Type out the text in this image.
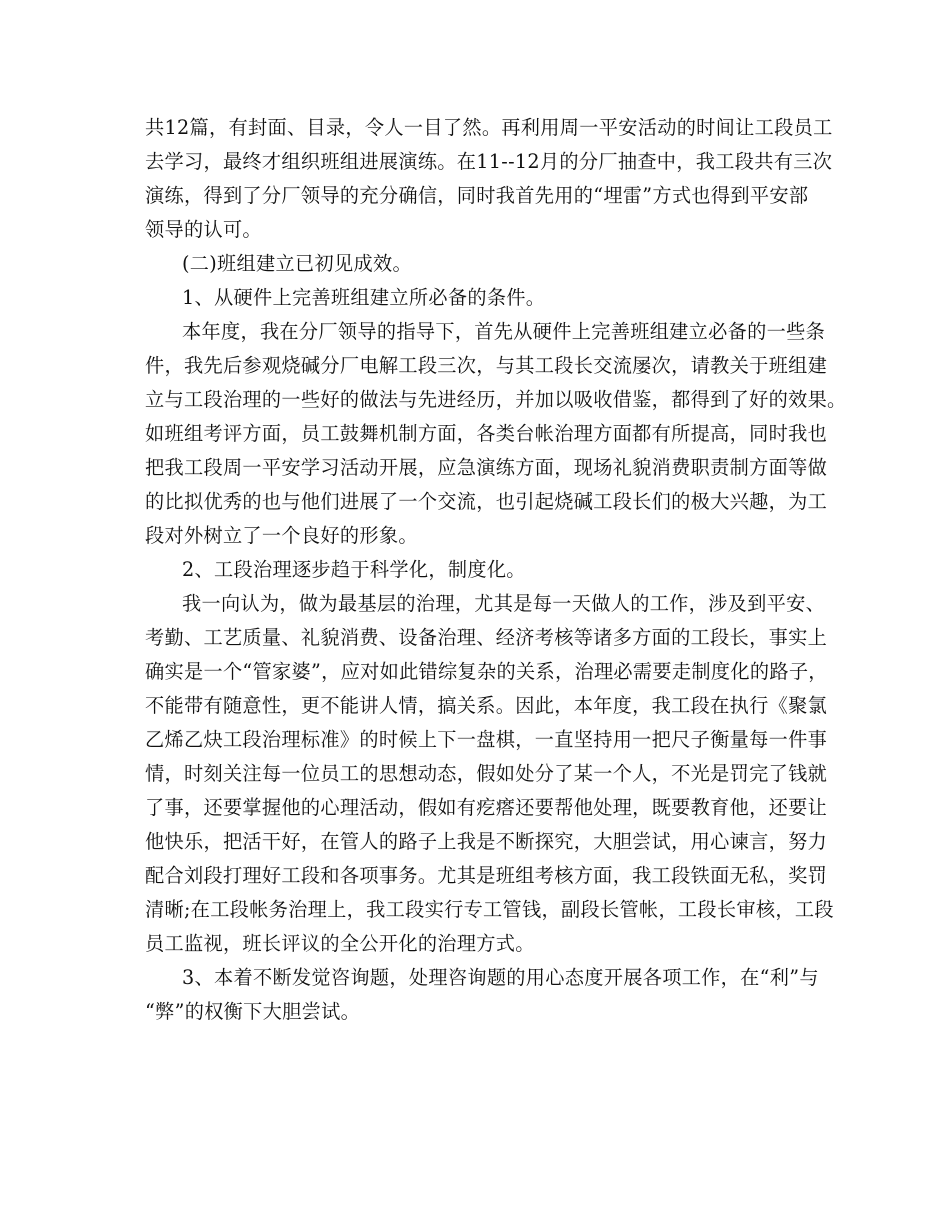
共12篇，有封面、目录，令人一目了然。再利用周一平安活动的时间让工段员工
去学习，最终才组织班组进展演练。在11--12月的分厂抽查中，我工段共有三次
演练，得到了分厂领导的充分确信，同时我首先用的“埋雷”方式也得到平安部
领导的认可。
(二)班组建立已初见成效。
1、从硬件上完善班组建立所必备的条件。
本年度，我在分厂领导的指导下，首先从硬件上完善班组建立必备的一些条
件，我先后参观烧碱分厂电解工段三次，与其工段长交流屡次，请教关于班组建
立与工段治理的一些好的做法与先进经历，并加以吸收借鉴，都得到了好的效果。
如班组考评方面，员工鼓舞机制方面，各类台帐治理方面都有所提高，同时我也
把我工段周一平安学习活动开展，应急演练方面，现场礼貌消费职责制方面等做
的比拟优秀的也与他们进展了一个交流，也引起烧碱工段长们的极大兴趣，为工
段对外树立了一个良好的形象。
2、工段治理逐步趋于科学化，制度化。
我一向认为，做为最基层的治理，尤其是每一天做人的工作，涉及到平安、
考勤、工艺质量、礼貌消费、设备治理、经济考核等诸多方面的工段长，事实上
确实是一个“管家婆”，应对如此错综复杂的关系，治理必需要走制度化的路子，
不能带有随意性，更不能讲人情，搞关系。因此，本年度，我工段在执行《聚氯
乙烯乙炔工段治理标准》的时候上下一盘棋，一直坚持用一把尺子衡量每一件事
情，时刻关注每一位员工的思想动态，假如处分了某一个人，不光是罚完了钱就
了事，还要掌握他的心理活动，假如有疙瘩还要帮他处理，既要教育他，还要让
他快乐，把活干好，在管人的路子上我是不断探究，大胆尝试，用心谏言，努力
配合刘段打理好工段和各项事务。尤其是班组考核方面，我工段铁面无私，奖罚
清晰;在工段帐务治理上，我工段实行专工管钱，副段长管帐，工段长审核，工段
员工监视，班长评议的全公开化的治理方式。
3、本着不断发觉咨询题，处理咨询题的用心态度开展各项工作，在“利”与
“弊”的权衡下大胆尝试。
